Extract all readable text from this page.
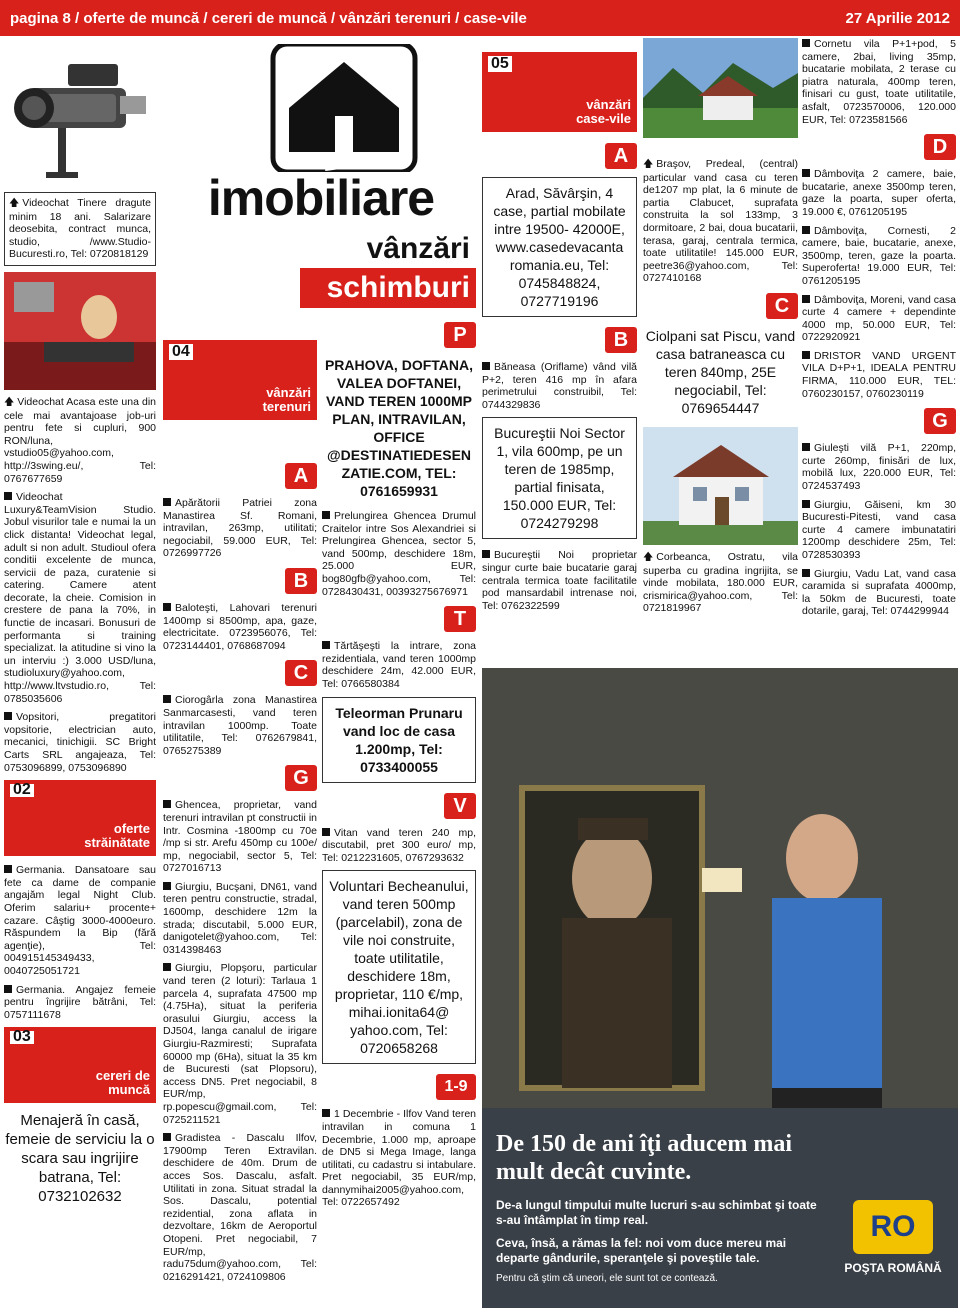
pagina 8 / oferte de muncă / cereri de muncă / vânzări terenuri / case-vile	27 Aprilie 2012
imobiliare
vânzări
schimburi
04
vânzări terenuri
05
vânzări case-vile
🡅 Videochat Tinere dragute minim 18 ani. Salarizare deosebita, contract munca, studio, /www.Studio-Bucuresti.ro, Tel: 0720818129
🡅 Videochat Acasa este una din cele mai avantajoase job-uri pentru fete si cupluri, 900 RON/luna, vstudio05@yahoo.com, http://3swing.eu/, Tel: 0767677659
Videochat Luxury&TeamVision Studio. Jobul visurilor tale e numai la un click distanta! Videochat legal, adult si non adult. Studioul ofera conditii excelente de munca, servicii de paza, curatenie si catering. Camere atent decorate, la cheie. Comision in crestere de pana la 70%, in functie de incasari. Bonusuri de performanta si training specializat. la atitudine si vino la un interviu :) 3.000 USD/luna, studioluxury@yahoo.com, http://www.ltvstudio.ro, Tel: 0785035606
Vopsitori, pregatitori vopsitorie, electrician auto, mecanici, tinichigii. SC Bright Carts SRL angajeaza, Tel: 0753096899, 0753096890
02
oferte străinătate
Germania. Dansatoare sau fete ca dame de companie angajăm legal Night Club. Oferim salariu+ procente+ cazare. Câştig 3000-4000euro. Răspundem la Bip (fără agenţie), Tel: 004915145349433, 0040725051721
Germania. Angajez femeie pentru îngrijire bătrâni, Tel: 0757111678
03
cereri de muncă
Menajeră în casă, femeie de serviciu la o scara sau ingrijire batrana, Tel: 0732102632
A
Apărătorii Patriei zona Manastirea Sf. Romani, intravilan, 263mp, utilitati; negociabil, 59.000 EUR, Tel: 0726997726
B
Baloteşti, Lahovari terenuri 1400mp si 8500mp, apa, gaze, electricitate. 0723956076, Tel: 0723144401, 0768687094
C
Ciorogârla zona Manastirea Sanmarcasesti, vand teren intravilan 1000mp. Toate utilitatile, Tel: 0762679841, 0765275389
G
Ghencea, proprietar, vand terenuri intravilan pt constructii in Intr. Cosmina -1800mp cu 70e /mp si str. Arefu 450mp cu 100e/ mp, negociabil, sector 5, Tel: 0727016713
Giurgiu, Bucşani, DN61, vand teren pentru constructie, stradal, 1600mp, deschidere 12m la strada; discutabil, 5.000 EUR, danigotelet@yahoo.com, Tel: 0314398463
Giurgiu, Plopşoru, particular vand teren (2 loturi): Tarlaua 1 parcela 4, suprafata 47500 mp (4.75Ha), situat la periferia orasului Giurgiu, access la DJ504, langa canalul de irigare Giurgiu-Razmiresti; Suprafata 60000 mp (6Ha), situat la 35 km de Bucuresti (sat Plopsoru), access DN5. Pret negociabil, 8 EUR/mp, rp.popescu@gmail.com, Tel: 0725211521
Gradistea - Dascalu Ilfov, 17900mp Teren Extravilan. deschidere de 40m. Drum de acces Sos. Dascalu, asfalt. Utilitati in zona. Situat stradal la Sos. Dascalu, potential rezidential, zona aflata in dezvoltare, 16km de Aeroportul Otopeni. Pret negociabil, 7 EUR/mp, radu75dum@yahoo.com, Tel: 0216291421, 0724109806
P
PRAHOVA, DOFTANA, VALEA DOFTANEI, VAND TEREN 1000MP PLAN, INTRAVILAN, OFFICE @DESTINATIEDESEN ZATIE.COM, TEL: 0761659931
Prelungirea Ghencea Drumul Craitelor intre Sos Alexandriei si Prelungirea Ghencea, sector 5, vand 500mp, deschidere 18m, 25.000 EUR, bog80gfb@yahoo.com, Tel: 0728430431, 00393275676971
T
Tărtăşeşti la intrare, zona rezidentiala, vand teren 1000mp deschidere 24m, 42.000 EUR, Tel: 0766580384
Teleorman Prunaru vand loc de casa 1.200mp, Tel: 0733400055
V
Vitan vand teren 240 mp, discutabil, pret 300 euro/ mp, Tel: 0212231605, 0767293632
Voluntari Becheanului, vand teren 500mp (parcelabil), zona de vile noi construite, toate utilitatile, deschidere 18m, proprietar, 110 €/mp, mihai.ionita64@ yahoo.com, Tel: 0720658268
1-9
1 Decembrie - Ilfov Vand teren intravilan in comuna 1 Decembrie, 1.000 mp, aproape de DN5 si Mega Image, langa utilitati, cu cadastru si intabulare. Pret negociabil, 35 EUR/mp, dannymihai2005@yahoo.com, Tel: 0722657492
A
Arad, Săvârşin, 4 case, partial mobilate intre 19500- 42000E, www.casedevacanta romania.eu, Tel: 0745848824, 0727719196
B
Băneasa (Oriflame) vând vilă P+2, teren 416 mp în afara perimetrului construibil, Tel: 0744329836
Bucureştii Noi Sector 1, vila 600mp, pe un teren de 1985mp, partial finisata, 150.000 EUR, Tel: 0724279298
Bucureştii Noi proprietar singur curte baie bucatarie garaj centrala termica toate facilitatile pod mansardabil intrenase noi, Tel: 0762322599
🡅 Braşov, Predeal, (central) particular vand casa cu teren de1207 mp plat, la 6 minute de partia Clabucet, suprafata construita la sol 133mp, 3 dormitoare, 2 bai, doua bucatarii, terasa, garaj, centrala termica, toate utilitatile! 145.000 EUR, peetre36@yahoo.com, Tel: 0727410168
C
Ciolpani sat Piscu, vand casa batraneasca cu teren 840mp, 25E negociabil, Tel: 0769654447
🡅 Corbeanca, Ostratu, vila superba cu gradina ingrijita, se vinde mobilata, 180.000 EUR, crismirica@yahoo.com, Tel: 0721819967
Cornetu vila P+1+pod, 5 camere, 2bai, living 35mp, bucatarie mobilata, 2 terase cu piatra naturala, 400mp teren, finisari cu gust, toate utilitatile, asfalt, 0723570006, 120.000 EUR, Tel: 0723581566
D
Dâmboviţa 2 camere, baie, bucatarie, anexe 3500mp teren, gaze la poarta, super oferta, 19.000 €, 0761205195
Dâmboviţa, Cornesti, 2 camere, baie, bucatarie, anexe, 3500mp, teren, gaze la poarta. Superoferta! 19.000 EUR, Tel: 0761205195
Dâmboviţa, Moreni, vand casa curte 4 camere + dependinte 4000 mp, 50.000 EUR, Tel: 0722920921
DRISTOR VAND URGENT VILA D+P+1, IDEALA PENTRU FIRMA, 110.000 EUR, TEL: 0760230157, 0760230119
G
Giuleşti vilă P+1, 220mp, curte 260mp, finisări de lux, mobilă lux, 220.000 EUR, Tel: 0724537493
Giurgiu, Găiseni, km 30 Bucuresti-Pitesti, vand casa curte 4 camere imbunatatiri 1200mp deschidere 25m, Tel: 0728530393
Giurgiu, Vadu Lat, vand casa caramida si suprafata 4000mp, la 50km de Bucuresti, toate dotarile, garaj, Tel: 0744299944
De 150 de ani îţi aducem mai mult decât cuvinte.
De-a lungul timpului multe lucruri s-au schimbat şi toate s-au întâmplat în timp real.
Ceva, însă, a rămas la fel: noi vom duce mereu mai departe gândurile, speranţele şi poveştile tale.
Pentru că ştim că uneori, ele sunt tot ce contează.
RO
POŞTA ROMÂNĂ
